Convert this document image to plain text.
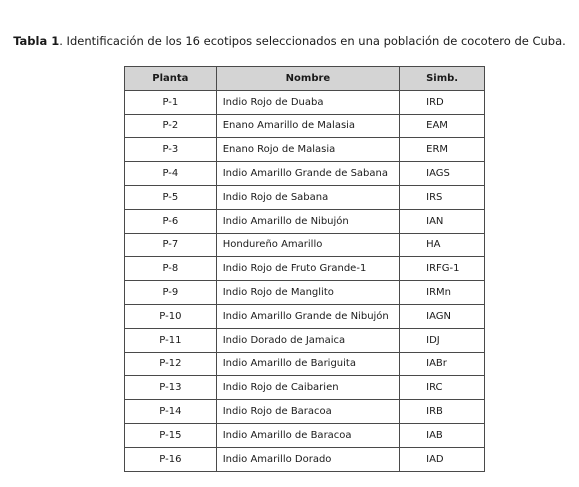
Tabla 1. Identificación de los 16 ecotipos seleccionados en una población de cocotero de Cuba.
Planta	Nombre	Simb.
P-1	Indio Rojo de Duaba	IRD
P-2	Enano Amarillo de Malasia	EAM
P-3	Enano Rojo de Malasia	ERM
P-4	Indio Amarillo Grande de Sabana	IAGS
P-5	Indio Rojo de Sabana	IRS
P-6	Indio Amarillo de Nibujón	IAN
P-7	Hondureño Amarillo	HA
P-8	Indio Rojo de Fruto Grande-1	IRFG-1
P-9	Indio Rojo de Manglito	IRMn
P-10	Indio Amarillo Grande de Nibujón	IAGN
P-11	Indio Dorado de Jamaica	IDJ
P-12	Indio Amarillo de Bariguita	IABr
P-13	Indio Rojo de Caibarien	IRC
P-14	Indio Rojo de Baracoa	IRB
P-15	Indio Amarillo de Baracoa	IAB
P-16	Indio Amarillo Dorado	IAD
